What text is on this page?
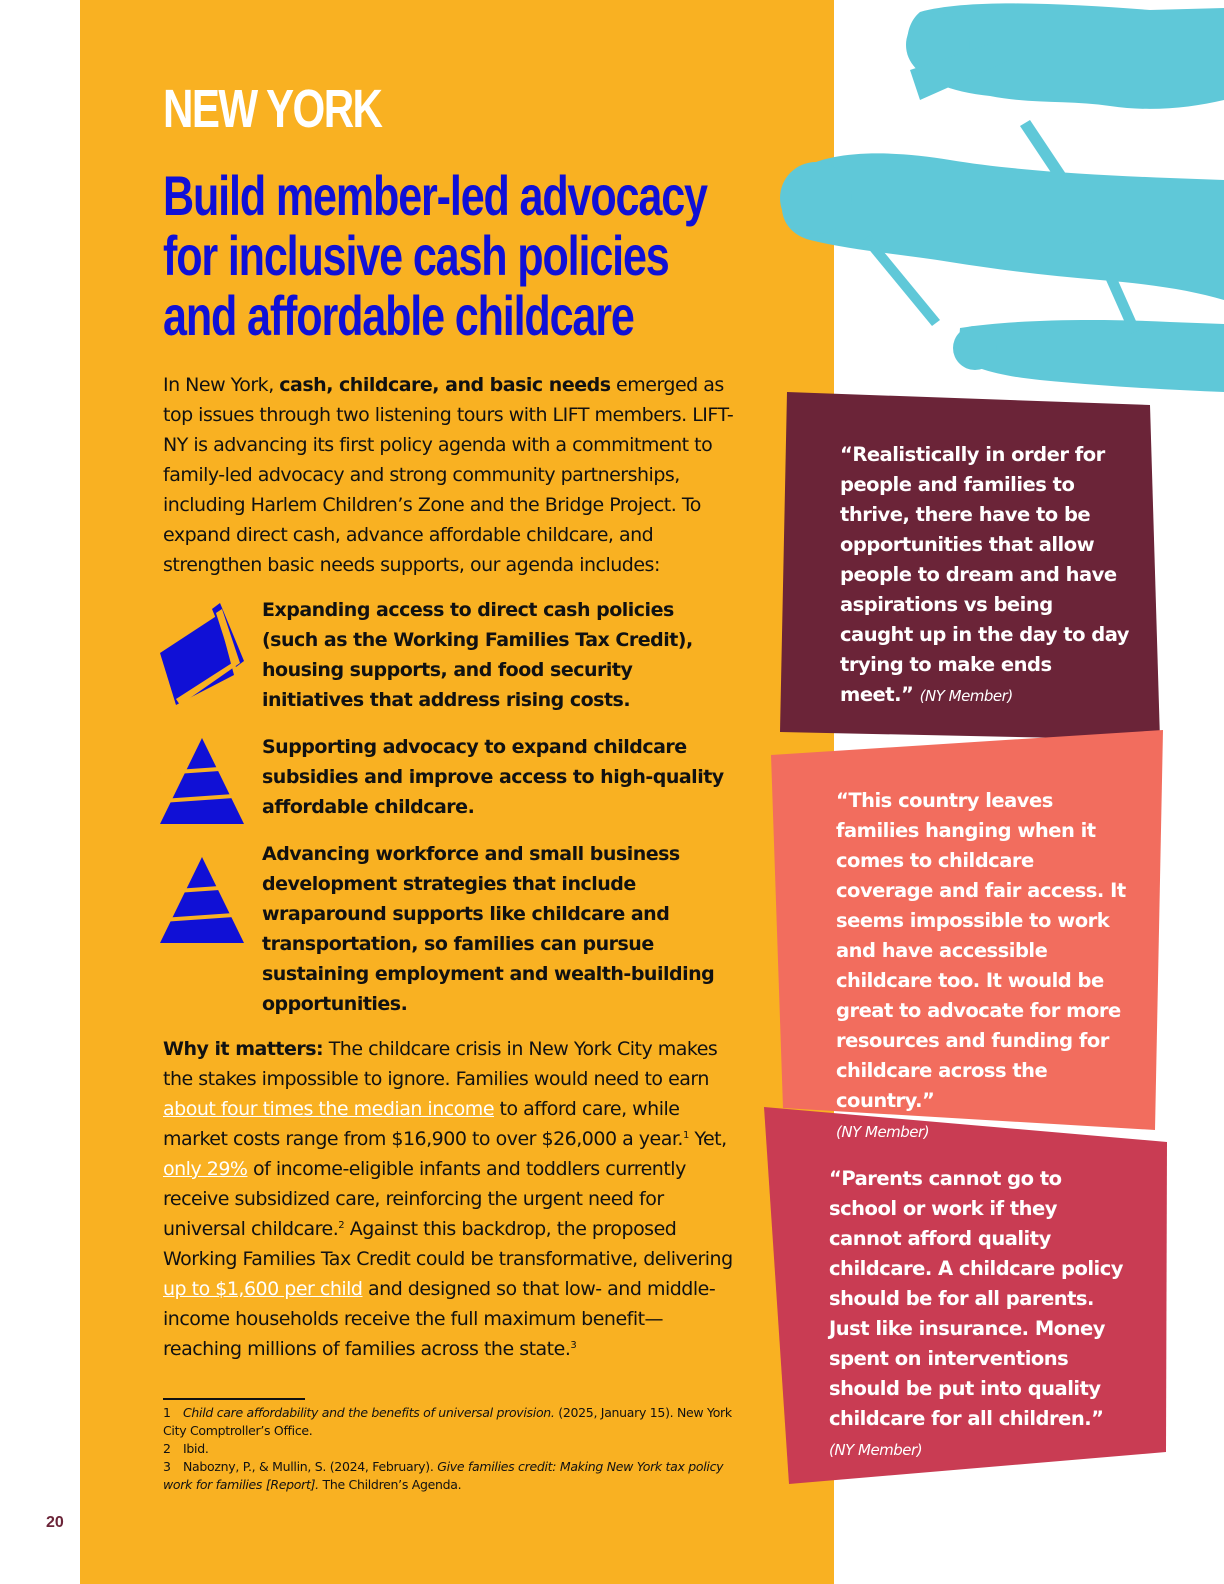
NEW YORK
Build member-led advocacy for inclusive cash policies and affordable childcare

In New York, cash, childcare, and basic needs emerged as top issues through two listening tours with LIFT members. LIFT-NY is advancing its first policy agenda with a commitment to family-led advocacy and strong community partnerships, including Harlem Children’s Zone and the Bridge Project. To expand direct cash, advance affordable childcare, and strengthen basic needs supports, our agenda includes:

Expanding access to direct cash policies (such as the Working Families Tax Credit), housing supports, and food security initiatives that address rising costs.

Supporting advocacy to expand childcare subsidies and improve access to high-quality affordable childcare.

Advancing workforce and small business development strategies that include wraparound supports like childcare and transportation, so families can pursue sustaining employment and wealth-building opportunities.

Why it matters: The childcare crisis in New York City makes the stakes impossible to ignore. Families would need to earn about four times the median income to afford care, while market costs range from $16,900 to over $26,000 a year.$^1$ Yet, only 29% of income-eligible infants and toddlers currently receive subsidized care, reinforcing the urgent need for universal childcare.$^2$ Against this backdrop, the proposed Working Families Tax Credit could be transformative, delivering up to $1,600 per child and designed so that low- and middle-income households receive the full maximum benefit—reaching millions of families across the state.$^3$

1 Child care affordability and the benefits of universal provision. (2025, January 15). New York City Comptroller’s Office.
2 Ibid.
3 Nabozny, P., & Mullin, S. (2024, February). Give families credit: Making New York tax policy work for families [Report]. The Children’s Agenda.
20

“Realistically in order for people and families to thrive, there have to be opportunities that allow people to dream and have aspirations vs being caught up in the day to day trying to make ends meet.” (NY Member)

“This country leaves families hanging when it comes to childcare coverage and fair access. It seems impossible to work and have accessible childcare too. It would be great to advocate for more resources and funding for childcare across the country.”
(NY Member)

“Parents cannot go to school or work if they cannot afford quality childcare. A childcare policy should be for all parents. Just like insurance. Money spent on interventions should be put into quality childcare for all children.” (NY Member)
